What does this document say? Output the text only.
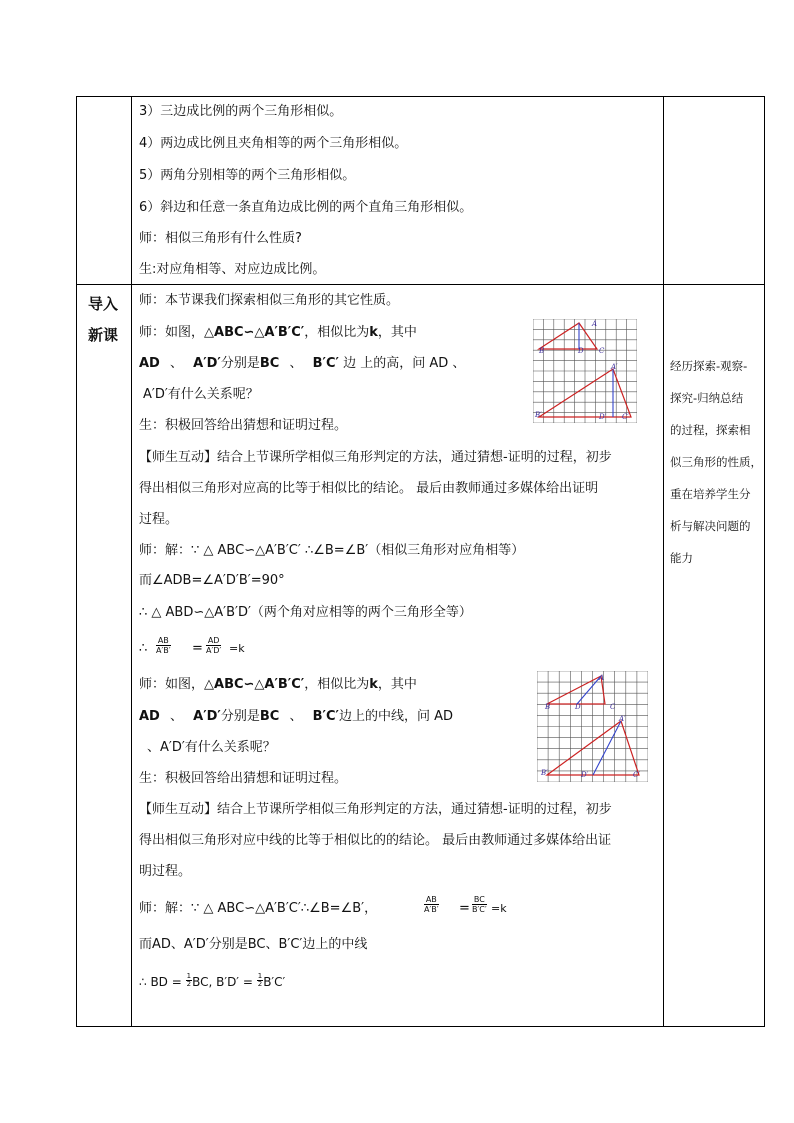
3）三边成比例的两个三角形相似。
4）两边成比例且夹角相等的两个三角形相似。
5）两角分别相等的两个三角形相似。
6）斜边和任意一条直角边成比例的两个直角三角形相似。
师：相似三角形有什么性质?
生:对应角相等、对应边成比例。
导入
新课
经历探索-观察-
探究-归纳总结
的过程，探索相
似三角形的性质，
重在培养学生分
析与解决问题的
能力
师：本节课我们探索相似三角形的其它性质。
师：如图，△ABC∽△A′B′C′，相似比为k，其中
AD 、 A′D′分别是BC 、 B′C′ 边 上的高，问 AD 、
A′D′有什么关系呢？
生：积极回答给出猜想和证明过程。
【师生互动】结合上节课所学相似三角形判定的方法，通过猜想-证明的过程，初步
得出相似三角形对应高的比等于相似比的结论。 最后由教师通过多媒体给出证明
过程。
师：解：∵ △ ABC∽△A′B′C′ ∴∠B=∠B′（相似三角形对应角相等）
而∠ADB=∠A′D′B′=90°
∴ △ ABD∽△A′B′D′（两个角对应相等的两个三角形全等）
∴ $\frac{AB}{A'B'} = \frac{AD}{A'D'} =k$
师：如图，△ABC∽△A′B′C′，相似比为k，其中
AD 、 A′D′分别是BC 、 B′C′边上的中线，问 AD
、A′D′有什么关系呢？
生：积极回答给出猜想和证明过程。
【师生互动】结合上节课所学相似三角形判定的方法，通过猜想-证明的过程，初步
得出相似三角形对应中线的比等于相似比的的结论。 最后由教师通过多媒体给出证
明过程。
师：解：∵ △ ABC∽△A′B′C′∴∠B=∠B′，	$\frac{AB}{A'B'} = \frac{BC}{B'C'} =k$
而AD、A′D′分别是BC、B′C′边上的中线
∴ BD = $\frac{1}{2}$ BC, $B'D' = \frac{1}{2} B'C'$
A
B	D C
A′
B′	D′ C′
A
B	D	C
A′
B′	D′	C′
